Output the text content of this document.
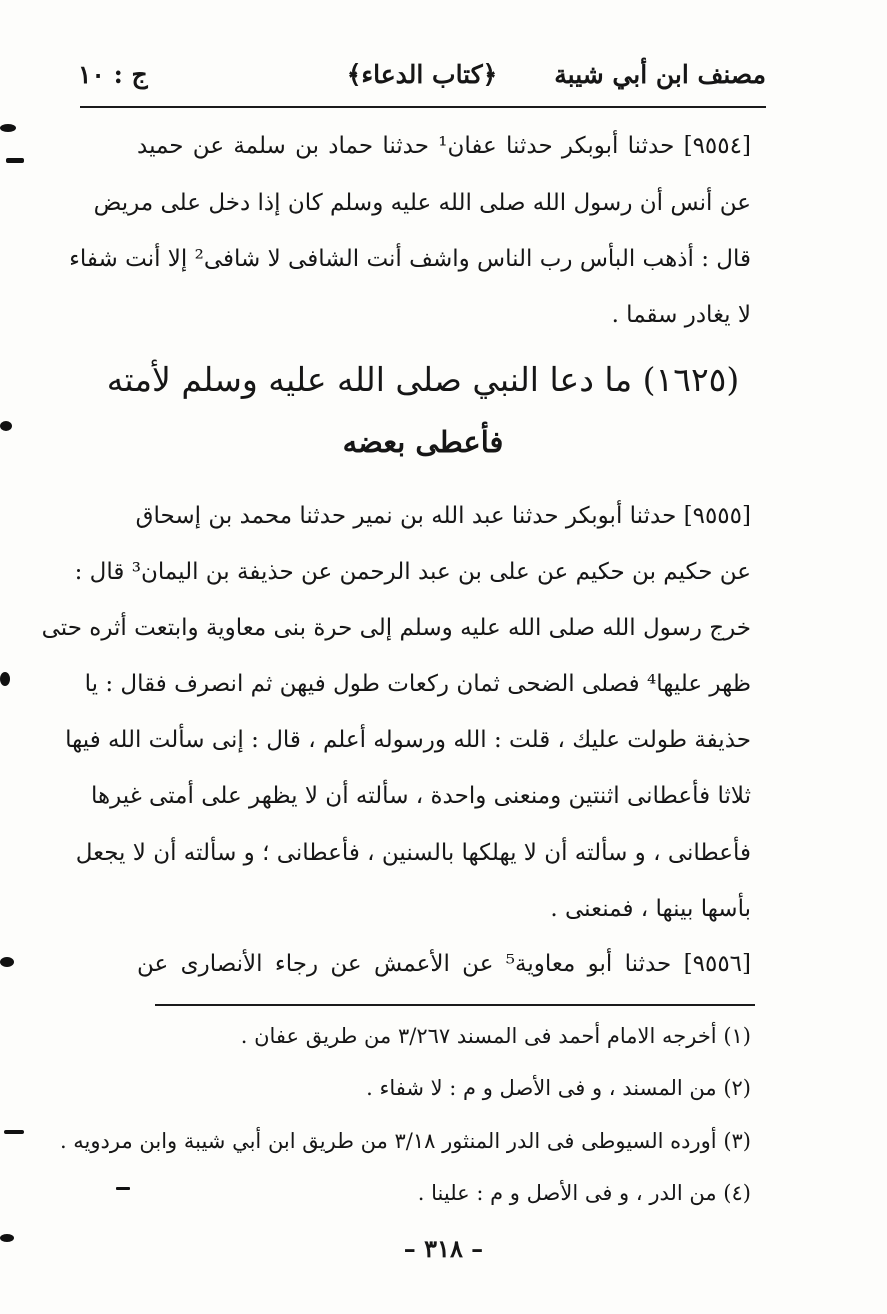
مصنف ابن أبي شيبة
﴿كتاب الدعاء﴾
ج : ١٠
[٩٥٥٤] حدثنا أبوبكر حدثنا عفان¹ حدثنا حماد بن سلمة عن حميد
عن أنس أن رسول الله صلى الله عليه وسلم كان إذا دخل على مريض
قال : أذهب البأس رب الناس واشف أنت الشافى لا شافى² إلا أنت شفاء
لا يغادر سقما .
(١٦٢٥) ما دعا النبي صلى الله عليه وسلم لأمته
فأعطى بعضه
[٩٥٥٥] حدثنا أبوبكر حدثنا عبد الله بن نمير حدثنا محمد بن إسحاق
عن حكيم بن حكيم عن على بن عبد الرحمن عن حذيفة بن اليمان³ قال :
خرج رسول الله صلى الله عليه وسلم إلى حرة بنى معاوية وابتعت أثره حتى
ظهر عليها⁴ فصلى الضحى ثمان ركعات طول فيهن ثم انصرف فقال : يا
حذيفة طولت عليك ، قلت : الله ورسوله أعلم ، قال : إنى سألت الله فيها
ثلاثا فأعطانى اثنتين ومنعنى واحدة ، سألته أن لا يظهر على أمتى غيرها
فأعطانى ، و سألته أن لا يهلكها بالسنين ، فأعطانى ؛ و سألته أن لا يجعل
بأسها بينها ، فمنعنى .
[٩٥٥٦] حدثنا أبو معاوية⁵ عن الأعمش عن رجاء الأنصارى عن
(١) أخرجه الامام أحمد فى المسند ٣/٢٦٧ من طريق عفان .
(٢) من المسند ، و فى الأصل و م : لا شفاء .
(٣) أورده السيوطى فى الدر المنثور ٣/١٨ من طريق ابن أبي شيبة وابن مردويه .
(٤) من الدر ، و فى الأصل و م : علينا .
– ٣١٨ –
